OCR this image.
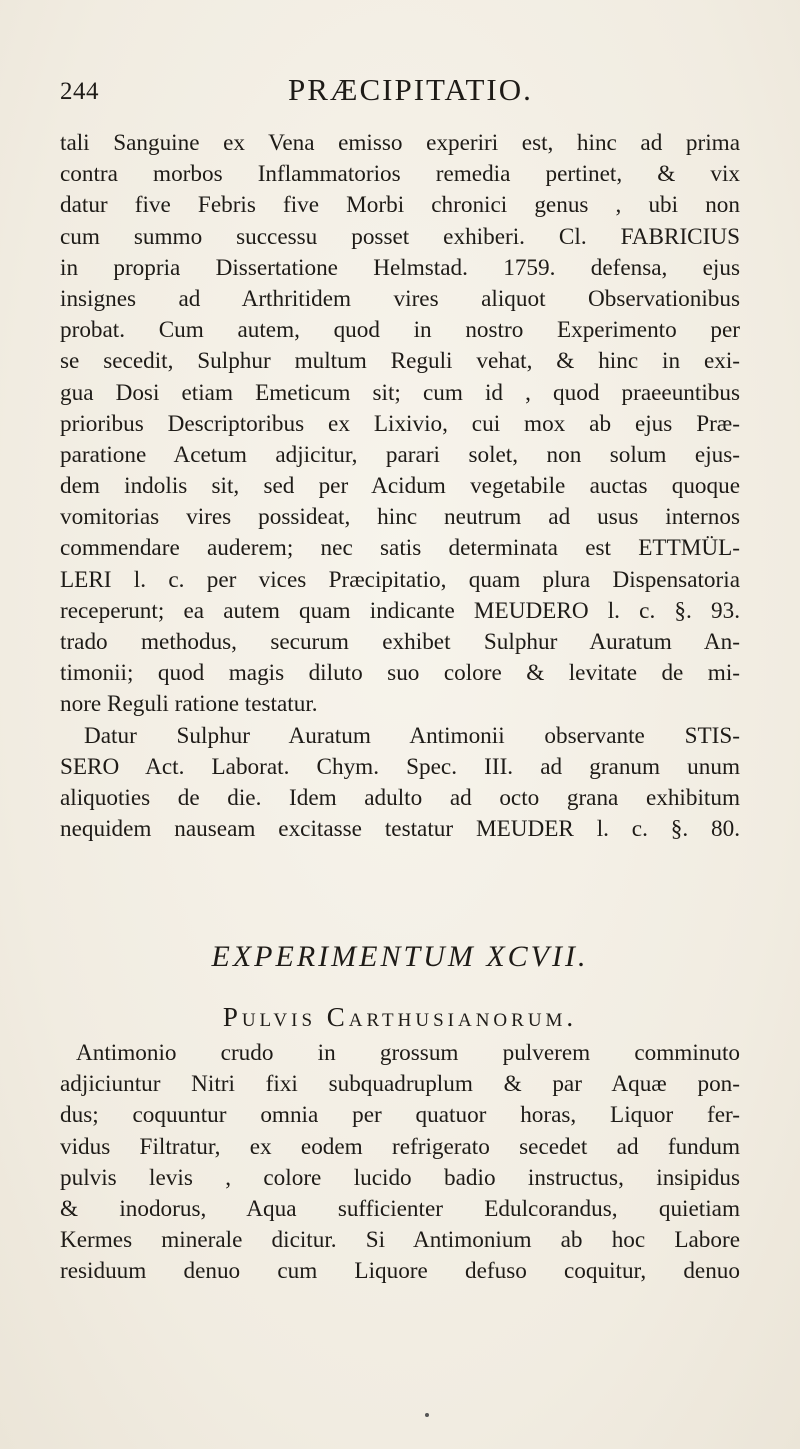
244	PRÆCIPITATIO.
tali Sanguine ex Vena emisso experiri est, hinc ad prima
contra morbos Inflammatorios remedia pertinet, & vix
datur five Febris five Morbi chronici genus , ubi non
cum summo successu posset exhiberi. Cl. FABRICIUS
in propria Dissertatione Helmstad. 1759. defensa, ejus
insignes ad Arthritidem vires aliquot Observationibus
probat. Cum autem, quod in nostro Experimento per
se secedit, Sulphur multum Reguli vehat, & hinc in exi-
gua Dosi etiam Emeticum sit; cum id , quod praeeuntibus
prioribus Descriptoribus ex Lixivio, cui mox ab ejus Præ-
paratione Acetum adjicitur, parari solet, non solum ejus-
dem indolis sit, sed per Acidum vegetabile auctas quoque
vomitorias vires possideat, hinc neutrum ad usus internos
commendare auderem; nec satis determinata est ETTMÜL-
LERI l. c. per vices Præcipitatio, quam plura Dispensatoria
receperunt; ea autem quam indicante MEUDERO l. c. §. 93.
trado methodus, securum exhibet Sulphur Auratum An-
timonii; quod magis diluto suo colore & levitate de mi-
nore Reguli ratione testatur.
Datur Sulphur Auratum Antimonii observante STIS-
SERO Act. Laborat. Chym. Spec. III. ad granum unum
aliquoties de die. Idem adulto ad octo grana exhibitum
nequidem nauseam excitasse testatur MEUDER l. c. §. 80.
EXPERIMENTUM XCVII.
Pulvis Carthusianorum.
Antimonio crudo in grossum pulverem comminuto
adjiciuntur Nitri fixi subquadruplum & par Aquæ pon-
dus; coquuntur omnia per quatuor horas, Liquor fer-
vidus Filtratur, ex eodem refrigerato secedet ad fundum
pulvis levis , colore lucido badio instructus, insipidus
& inodorus, Aqua sufficienter Edulcorandus, quietiam
Kermes minerale dicitur. Si Antimonium ab hoc Labore
residuum denuo cum Liquore defuso coquitur, denuo
